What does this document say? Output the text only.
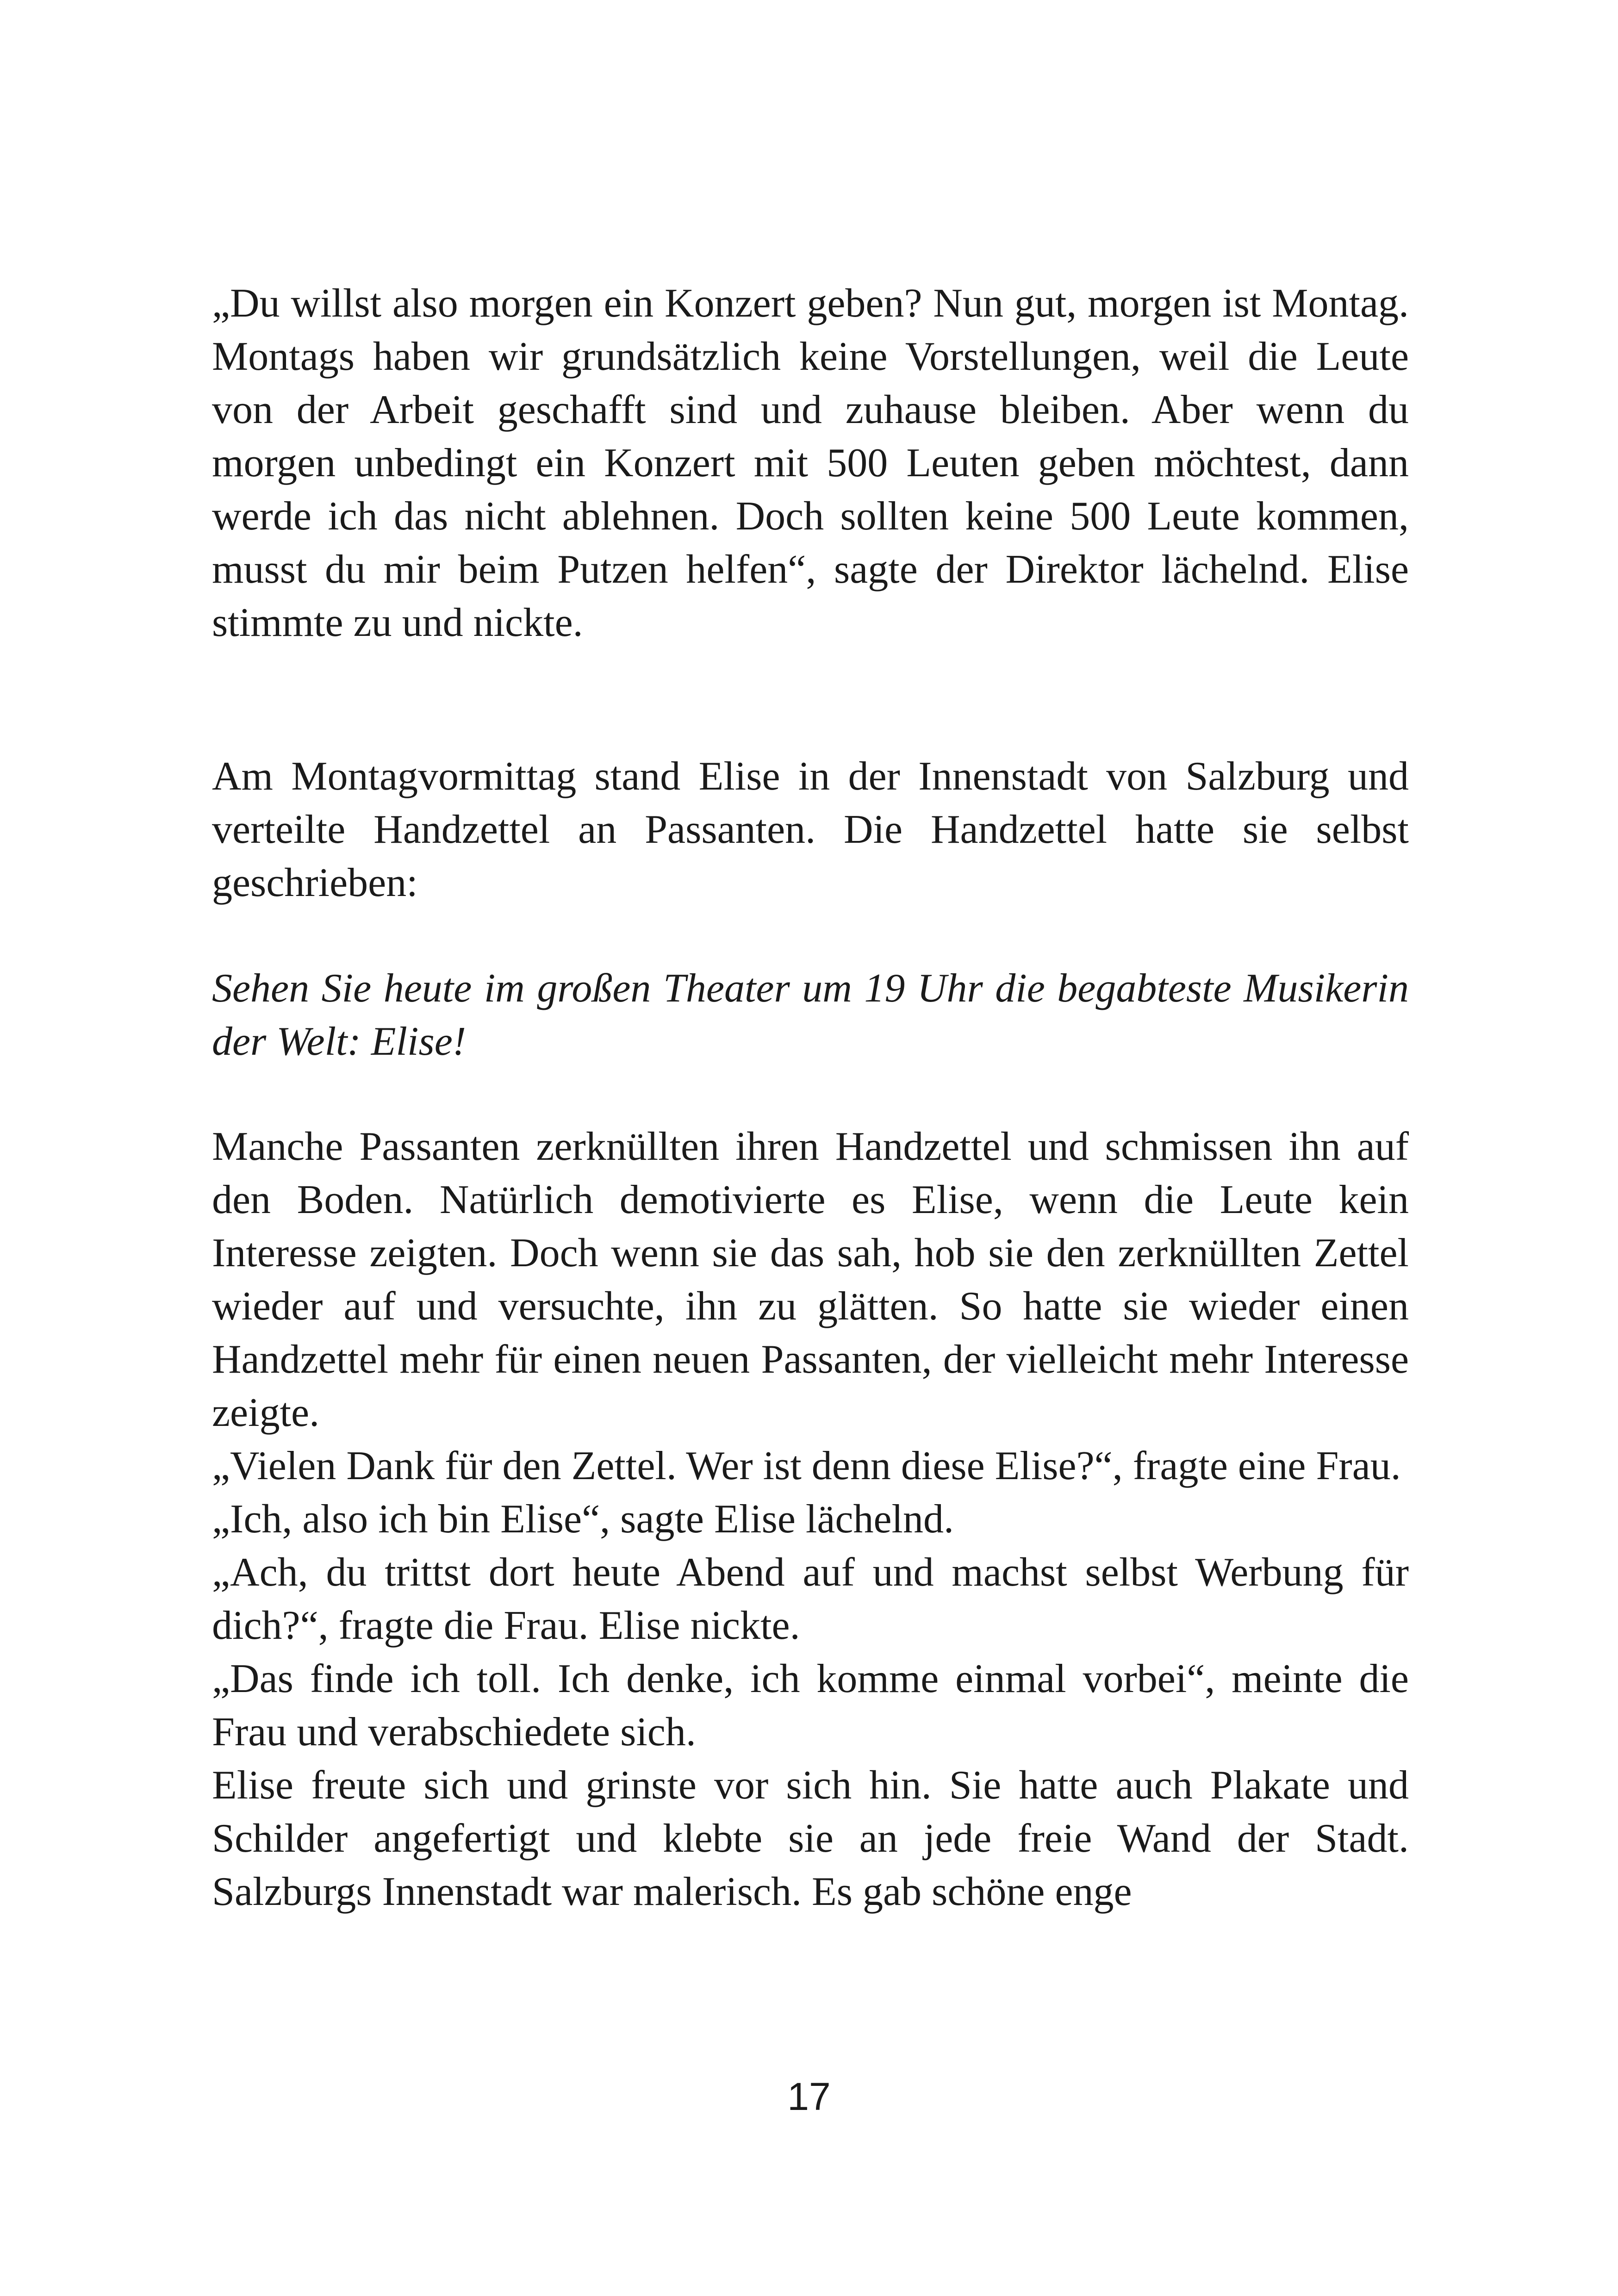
„Du willst also morgen ein Konzert geben? Nun gut, morgen ist Montag. Montags haben wir grundsätzlich keine Vorstellungen, weil die Leute von der Arbeit geschafft sind und zuhause bleiben. Aber wenn du morgen unbedingt ein Konzert mit 500 Leuten geben möchtest, dann werde ich das nicht ablehnen. Doch sollten keine 500 Leute kommen, musst du mir beim Putzen helfen“, sagte der Direktor lächelnd. Elise stimmte zu und nickte.

Am Montagvormittag stand Elise in der Innenstadt von Salzburg und verteilte Handzettel an Passanten. Die Handzettel hatte sie selbst geschrieben:

Sehen Sie heute im großen Theater um 19 Uhr die begabteste Musikerin der Welt: Elise!

Manche Passanten zerknüllten ihren Handzettel und schmissen ihn auf den Boden. Natürlich demotivierte es Elise, wenn die Leute kein Interesse zeigten. Doch wenn sie das sah, hob sie den zerknüllten Zettel wieder auf und versuchte, ihn zu glätten. So hatte sie wieder einen Handzettel mehr für einen neuen Passanten, der vielleicht mehr Interesse zeigte.

„Vielen Dank für den Zettel. Wer ist denn diese Elise?“, fragte eine Frau.

„Ich, also ich bin Elise“, sagte Elise lächelnd.

„Ach, du trittst dort heute Abend auf und machst selbst Werbung für dich?“, fragte die Frau. Elise nickte.

„Das finde ich toll. Ich denke, ich komme einmal vorbei“, meinte die Frau und verabschiedete sich.

Elise freute sich und grinste vor sich hin. Sie hatte auch Plakate und Schilder angefertigt und klebte sie an jede freie Wand der Stadt. Salzburgs Innenstadt war malerisch. Es gab schöne enge

17
